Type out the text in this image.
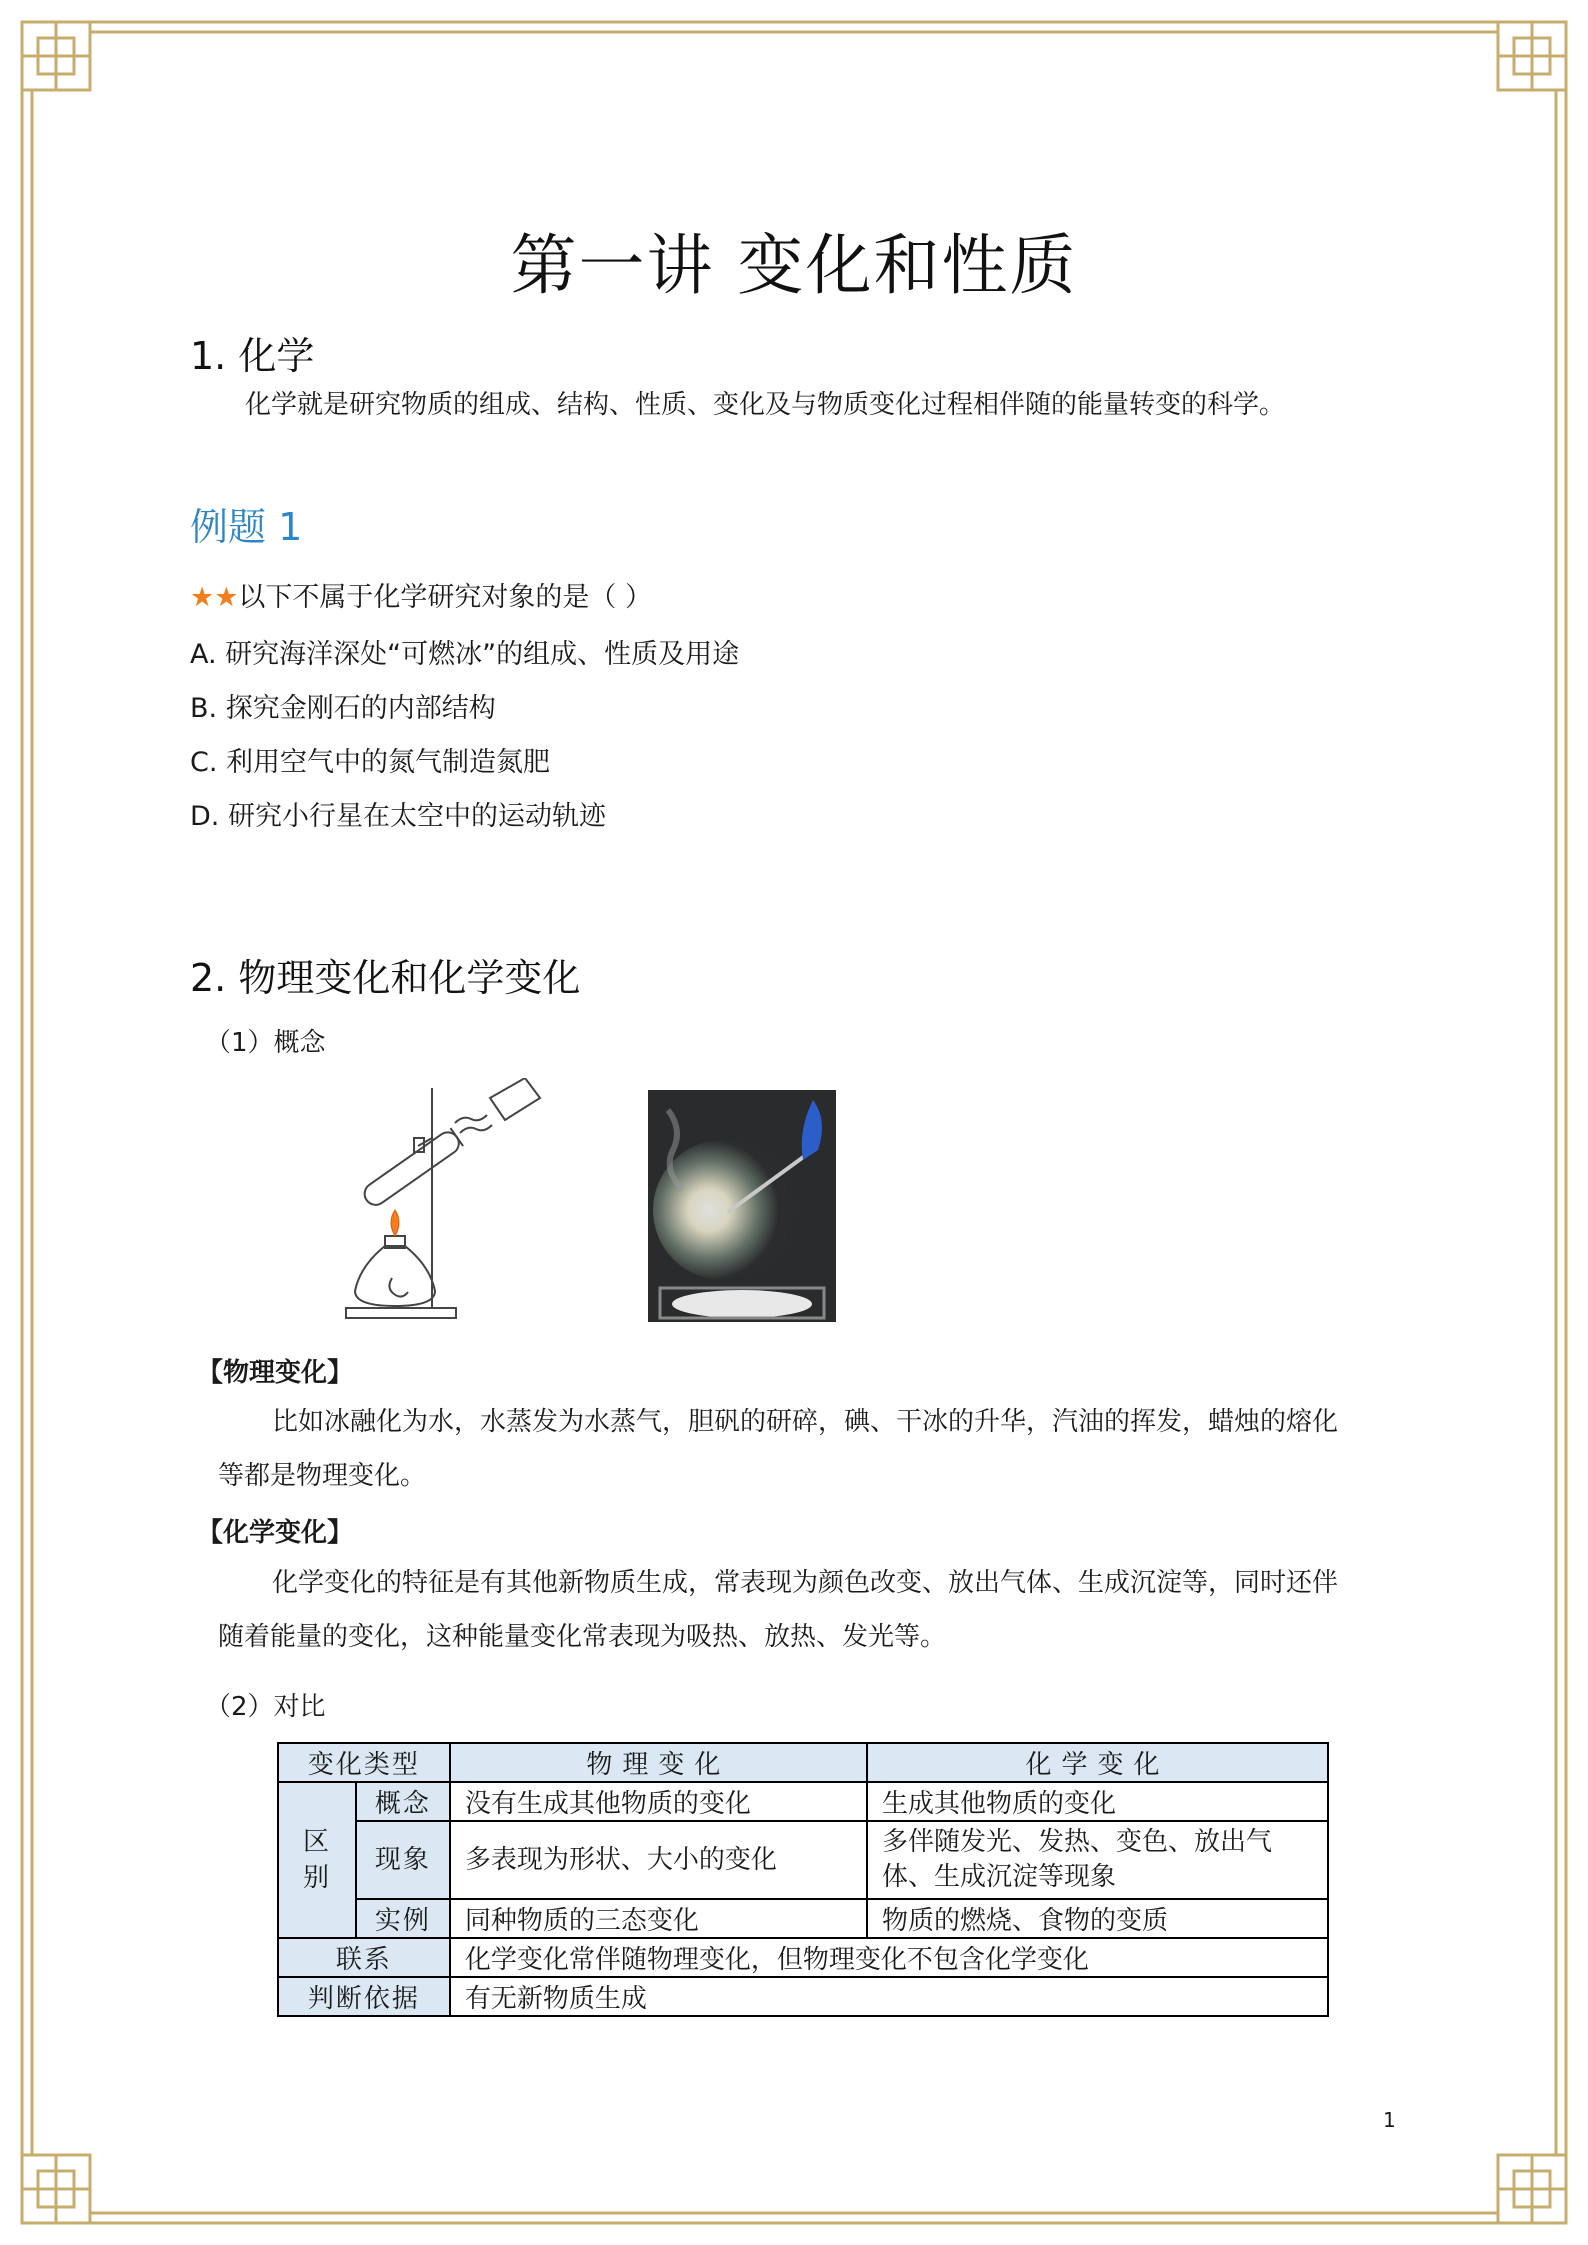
第一讲 变化和性质
1. 化学
化学就是研究物质的组成、结构、性质、变化及与物质变化过程相伴随的能量转变的科学。
例题 1
★★以下不属于化学研究对象的是（ ）
A. 研究海洋深处“可燃冰”的组成、性质及用途
B. 探究金刚石的内部结构
C. 利用空气中的氮气制造氮肥
D. 研究小行星在太空中的运动轨迹
2. 物理变化和化学变化
（1）概念
【物理变化】
比如冰融化为水，水蒸发为水蒸气，胆矾的研碎，碘、干冰的升华，汽油的挥发，蜡烛的熔化
等都是物理变化。
【化学变化】
化学变化的特征是有其他新物质生成，常表现为颜色改变、放出气体、生成沉淀等，同时还伴
随着能量的变化，这种能量变化常表现为吸热、放热、发光等。
（2）对比
变化类型		物理变化	化学变化
区
别	概念	没有生成其他物质的变化	生成其他物质的变化
	现象	多表现为形状、大小的变化	多伴随发光、发热、变色、放出气
体、生成沉淀等现象
	实例	同种物质的三态变化	物质的燃烧、食物的变质
联系		化学变化常伴随物理变化，但物理变化不包含化学变化	
判断依据		有无新物质生成	
1
